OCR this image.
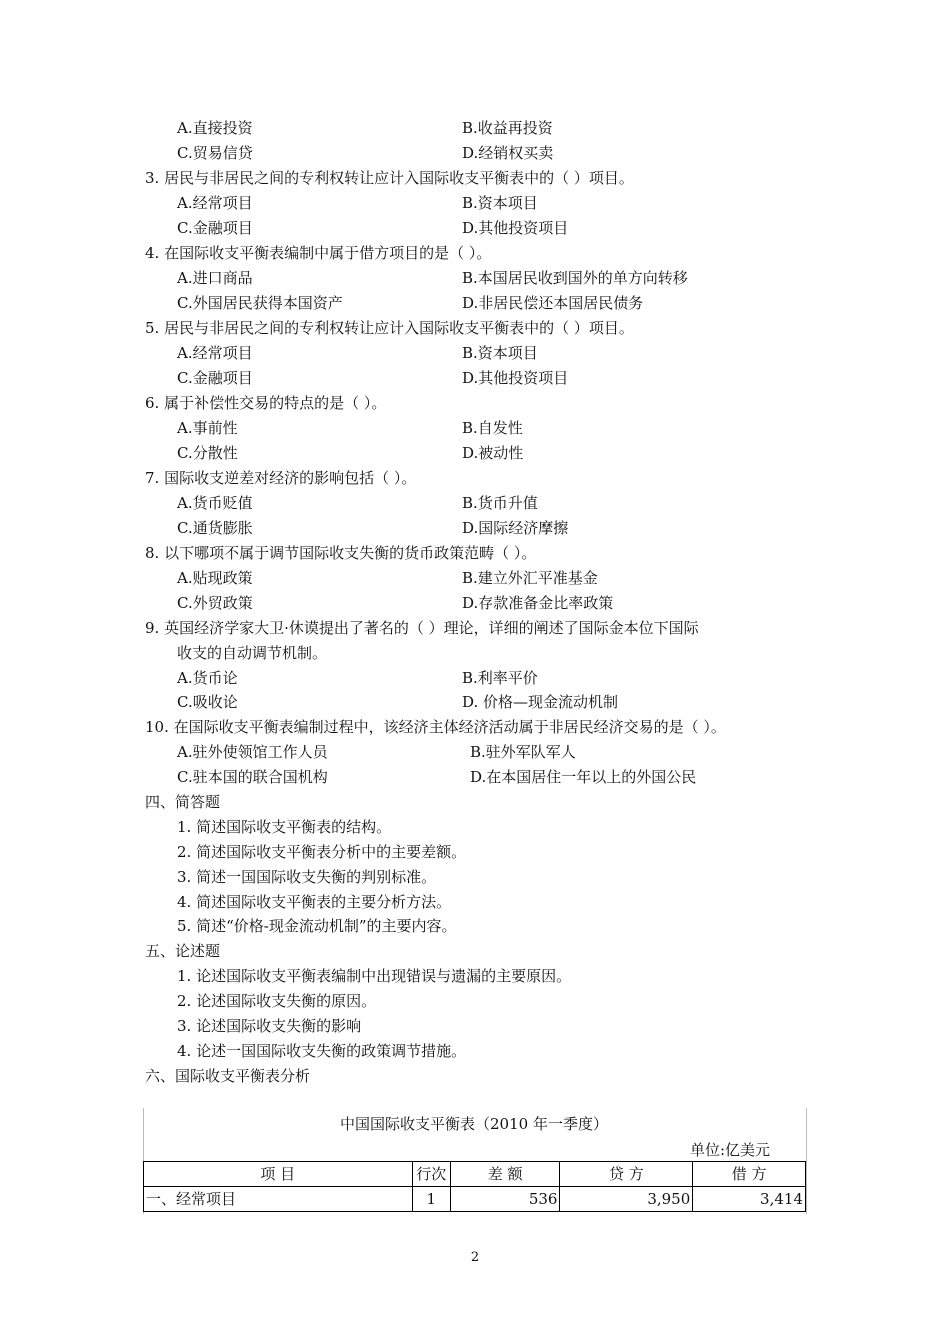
A.直接投资	B.收益再投资
C.贸易信贷	D.经销权买卖
3. 居民与非居民之间的专利权转让应计入国际收支平衡表中的（ ）项目。
A.经常项目	B.资本项目
C.金融项目	D.其他投资项目
4. 在国际收支平衡表编制中属于借方项目的是（ ）。
A.进口商品	B.本国居民收到国外的单方向转移
C.外国居民获得本国资产	D.非居民偿还本国居民债务
5. 居民与非居民之间的专利权转让应计入国际收支平衡表中的（ ）项目。
A.经常项目	B.资本项目
C.金融项目	D.其他投资项目
6. 属于补偿性交易的特点的是（ ）。
A.事前性	B.自发性
C.分散性	D.被动性
7. 国际收支逆差对经济的影响包括（ ）。
A.货币贬值	B.货币升值
C.通货膨胀	D.国际经济摩擦
8. 以下哪项不属于调节国际收支失衡的货币政策范畴（ ）。
A.贴现政策	B.建立外汇平准基金
C.外贸政策	D.存款准备金比率政策
9. 英国经济学家大卫·休谟提出了著名的（ ）理论，详细的阐述了国际金本位下国际
收支的自动调节机制。
A.货币论	B.利率平价
C.吸收论	D. 价格—现金流动机制
10. 在国际收支平衡表编制过程中，该经济主体经济活动属于非居民经济交易的是（ ）。
A.驻外使领馆工作人员	B.驻外军队军人
C.驻本国的联合国机构	D.在本国居住一年以上的外国公民
四、简答题
1. 简述国际收支平衡表的结构。
2. 简述国际收支平衡表分析中的主要差额。
3. 简述一国国际收支失衡的判别标准。
4. 简述国际收支平衡表的主要分析方法。
5. 简述“价格-现金流动机制”的主要内容。
五、论述题
1. 论述国际收支平衡表编制中出现错误与遗漏的主要原因。
2. 论述国际收支失衡的原因。
3. 论述国际收支失衡的影响
4. 论述一国国际收支失衡的政策调节措施。
六、国际收支平衡表分析
中国国际收支平衡表（2010 年一季度）
单位:亿美元
项 目	行次	差 额	贷 方	借 方
一、经常项目	1	536	3,950	3,414
2
